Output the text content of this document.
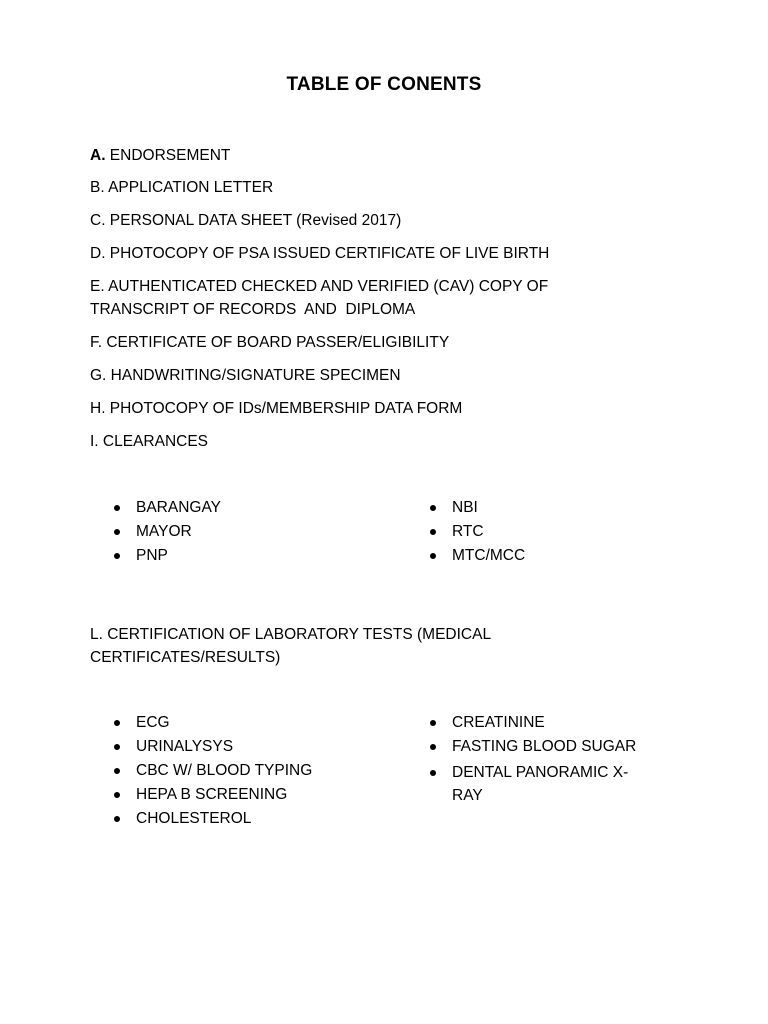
TABLE OF CONENTS
A. ENDORSEMENT
B. APPLICATION LETTER
C. PERSONAL DATA SHEET (Revised 2017)
D. PHOTOCOPY OF PSA ISSUED CERTIFICATE OF LIVE BIRTH
E. AUTHENTICATED CHECKED AND VERIFIED (CAV) COPY OF
TRANSCRIPT OF RECORDS  AND  DIPLOMA
F. CERTIFICATE OF BOARD PASSER/ELIGIBILITY
G. HANDWRITING/SIGNATURE SPECIMEN
H. PHOTOCOPY OF IDs/MEMBERSHIP DATA FORM
I. CLEARANCES
BARANGAY
MAYOR
PNP
NBI
RTC
MTC/MCC
L. CERTIFICATION OF LABORATORY TESTS (MEDICAL
CERTIFICATES/RESULTS)
ECG
URINALYSYS
CBC W/ BLOOD TYPING
HEPA B SCREENING
CHOLESTEROL
CREATININE
FASTING BLOOD SUGAR
DENTAL PANORAMIC X-RAY
